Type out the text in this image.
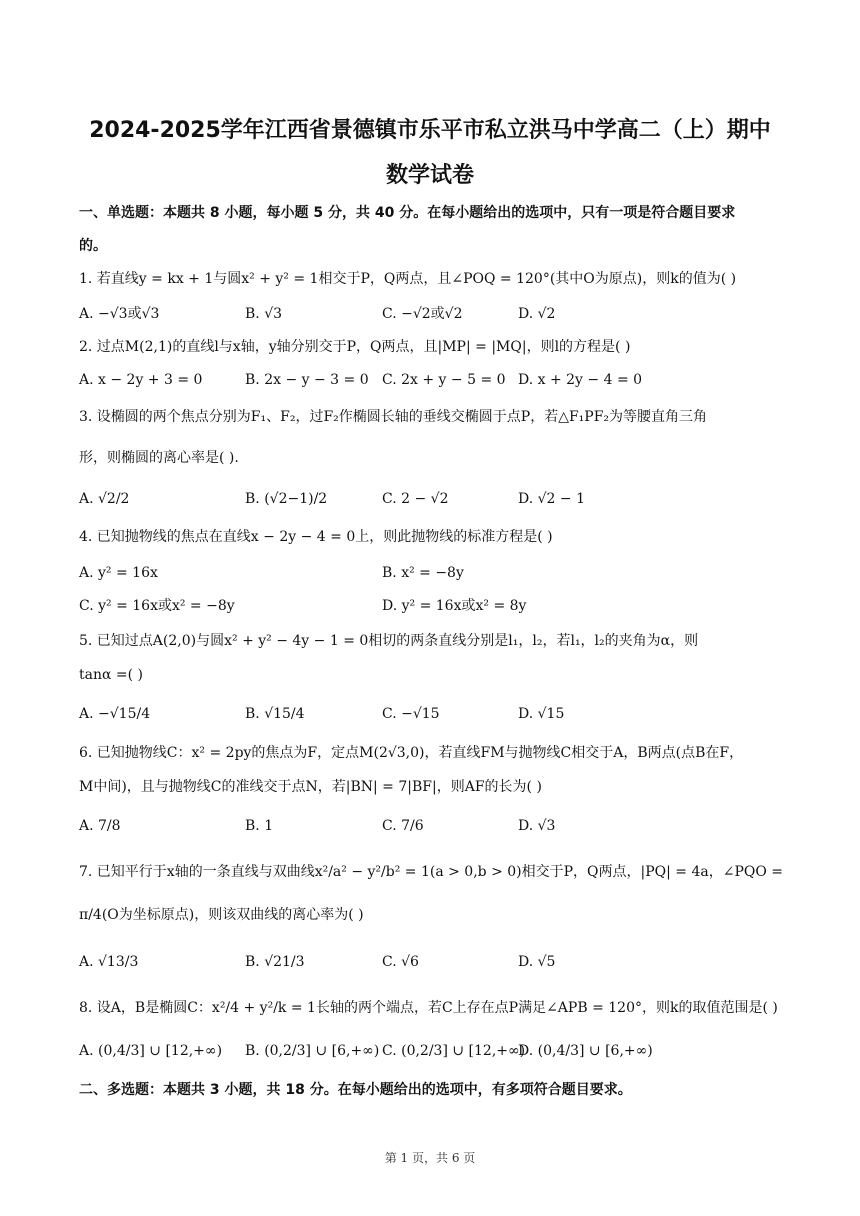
2024-2025学年江西省景德镇市乐平市私立洪马中学高二（上）期中
数学试卷
一、单选题：本题共 8 小题，每小题 5 分，共 40 分。在每小题给出的选项中，只有一项是符合题目要求
的。
1. 若直线y = kx + 1与圆x² + y² = 1相交于P，Q两点，且∠POQ = 120°(其中O为原点)，则k的值为( )
A. −√3或√3	B. √3	C. −√2或√2	D. √2
2. 过点M(2,1)的直线l与x轴，y轴分别交于P，Q两点，且|MP| = |MQ|，则l的方程是( )
A. x − 2y + 3 = 0	B. 2x − y − 3 = 0 C. 2x + y − 5 = 0 D. x + 2y − 4 = 0
3. 设椭圆的两个焦点分别为F₁、F₂，过F₂作椭圆长轴的垂线交椭圆于点P，若△F₁PF₂为等腰直角三角
形，则椭圆的离心率是( ).
A. √2/2	B. (√2−1)/2	C. 2 − √2	D. √2 − 1
4. 已知抛物线的焦点在直线x − 2y − 4 = 0上，则此抛物线的标准方程是( )
A. y² = 16x	B. x² = −8y
C. y² = 16x或x² = −8y	D. y² = 16x或x² = 8y
5. 已知过点A(2,0)与圆x² + y² − 4y − 1 = 0相切的两条直线分别是l₁，l₂，若l₁，l₂的夹角为α，则
tanα =( )
A. −√15/4	B. √15/4	C. −√15	D. √15
6. 已知抛物线C：x² = 2py的焦点为F，定点M(2√3,0)，若直线FM与抛物线C相交于A，B两点(点B在F，
M中间)，且与抛物线C的准线交于点N，若|BN| = 7|BF|，则AF的长为( )
A. 7/8	B. 1	C. 7/6	D. √3
7. 已知平行于x轴的一条直线与双曲线x²/a² − y²/b² = 1(a > 0,b > 0)相交于P，Q两点，|PQ| = 4a，∠PQO =
π/4(O为坐标原点)，则该双曲线的离心率为( )
A. √13/3	B. √21/3	C. √6	D. √5
8. 设A，B是椭圆C：x²/4 + y²/k = 1长轴的两个端点，若C上存在点P满足∠APB = 120°，则k的取值范围是( )
A. (0,4/3] ∪ [12,+∞) B. (0,2/3] ∪ [6,+∞) C. (0,2/3] ∪ [12,+∞)
D. (0,4/3] ∪ [6,+∞)
二、多选题：本题共 3 小题，共 18 分。在每小题给出的选项中，有多项符合题目要求。
第 1 页，共 6 页
